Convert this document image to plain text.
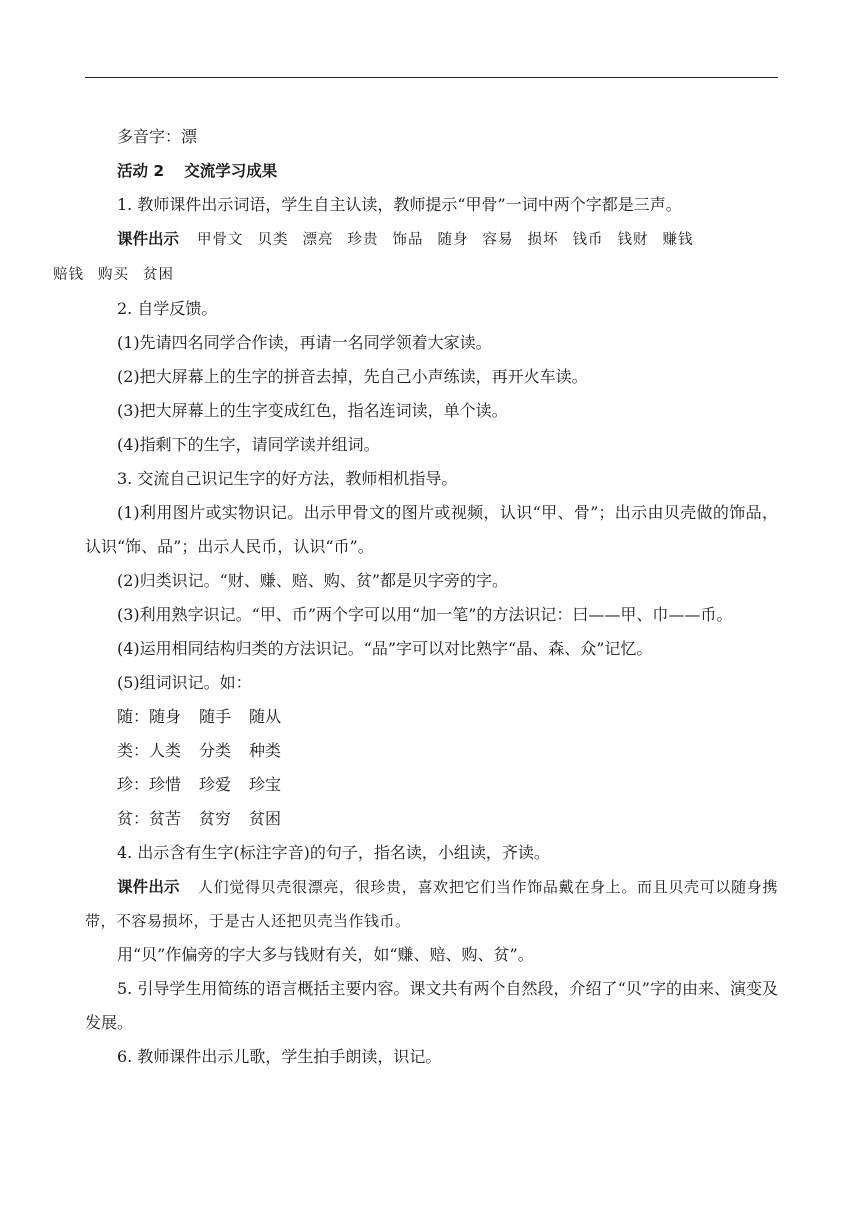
多音字：漂

活动 2 交流学习成果

1. 教师课件出示词语，学生自主认读，教师提示“甲骨”一词中两个字都是三声。

课件出示 甲骨文 贝类 漂亮 珍贵 饰品 随身 容易 损坏 钱币 钱财 赚钱
赔钱 购买 贫困

2. 自学反馈。

(1)先请四名同学合作读，再请一名同学领着大家读。

(2)把大屏幕上的生字的拼音去掉，先自己小声练读，再开火车读。

(3)把大屏幕上的生字变成红色，指名连词读，单个读。

(4)指剩下的生字，请同学读并组词。

3. 交流自己识记生字的好方法，教师相机指导。

(1)利用图片或实物识记。出示甲骨文的图片或视频，认识“甲、骨”；出示由贝壳做的饰品，认识“饰、品”；出示人民币，认识“币”。

(2)归类识记。“财、赚、赔、购、贫”都是贝字旁的字。

(3)利用熟字识记。“甲、币”两个字可以用“加一笔”的方法识记：曰——甲、巾——币。

(4)运用相同结构归类的方法识记。“品”字可以对比熟字“晶、森、众”记忆。

(5)组词识记。如：

随：随身 随手 随从

类：人类 分类 种类

珍：珍惜 珍爱 珍宝

贫：贫苦 贫穷 贫困

4. 出示含有生字(标注字音)的句子，指名读，小组读，齐读。

课件出示 人们觉得贝壳很漂亮，很珍贵，喜欢把它们当作饰品戴在身上。而且贝壳可以随身携带，不容易损坏，于是古人还把贝壳当作钱币。

用“贝”作偏旁的字大多与钱财有关，如“赚、赔、购、贫”。

5. 引导学生用简练的语言概括主要内容。课文共有两个自然段，介绍了“贝”字的由来、演变及发展。

6. 教师课件出示儿歌，学生拍手朗读，识记。
